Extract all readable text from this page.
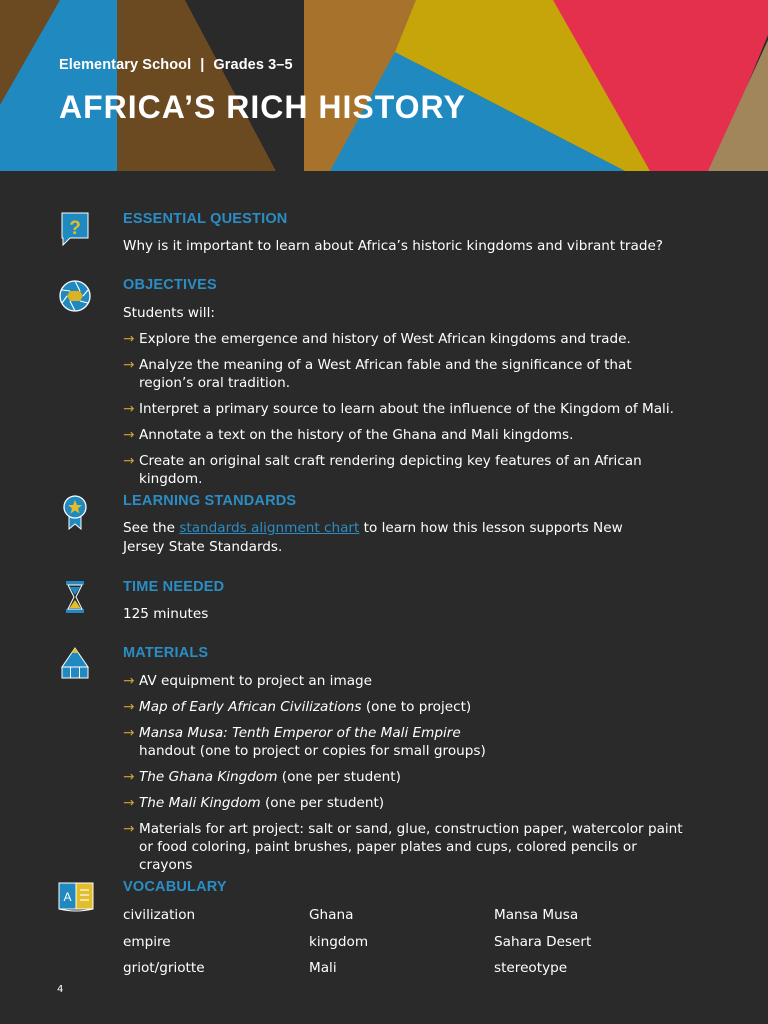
Elementary School | Grades 3–5

AFRICA’S RICH HISTORY
?	ESSENTIAL QUESTION

Why is it important to learn about Africa’s historic kingdoms and vibrant trade?

OBJECTIVES

Students will:

→ Explore the emergence and history of West African kingdoms and trade.
→ Analyze the meaning of a West African fable and the significance of that region’s oral tradition.
→ Interpret a primary source to learn about the influence of the Kingdom of Mali.
→ Annotate a text on the history of the Ghana and Mali kingdoms.
→ Create an original salt craft rendering depicting key features of an African kingdom.
LEARNING STANDARDS

See the standards alignment chart to learn how this lesson supports New Jersey State Standards.

TIME NEEDED

125 minutes

MATERIALS
→ AV equipment to project an image
→ Map of Early African Civilizations (one to project)
→ Mansa Musa: Tenth Emperor of the Mali Empire handout (one to project or copies for small groups)
→ The Ghana Kingdom (one per student)
→ The Mali Kingdom (one per student)
→ Materials for art project: salt or sand, glue, construction paper, watercolor paint or food coloring, paint brushes, paper plates and cups, colored pencils or crayons
A
VOCABULARY
civilization	Ghana	Mansa Musa
empire	kingdom	Sahara Desert
griot/griotte	Mali	stereotype
4
